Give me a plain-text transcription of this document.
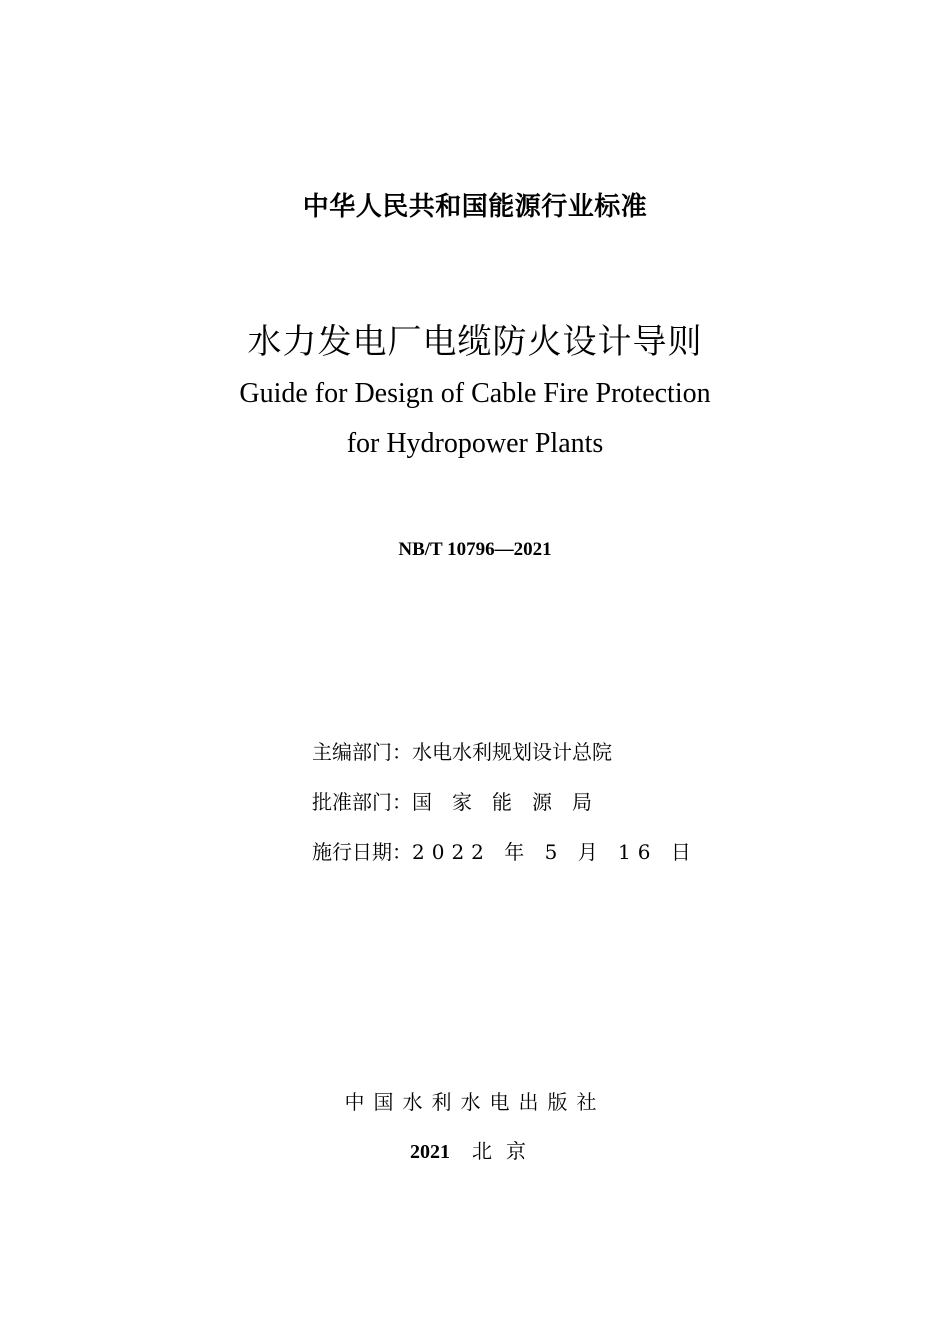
中华人民共和国能源行业标准
水力发电厂电缆防火设计导则
Guide for Design of Cable Fire Protection
for Hydropower Plants
NB/T 10796—2021
主编部门：水电水利规划设计总院
批准部门：国家能源局
施行日期：2022 年 5 月 16 日
中国水利水电出版社
2021 北京
